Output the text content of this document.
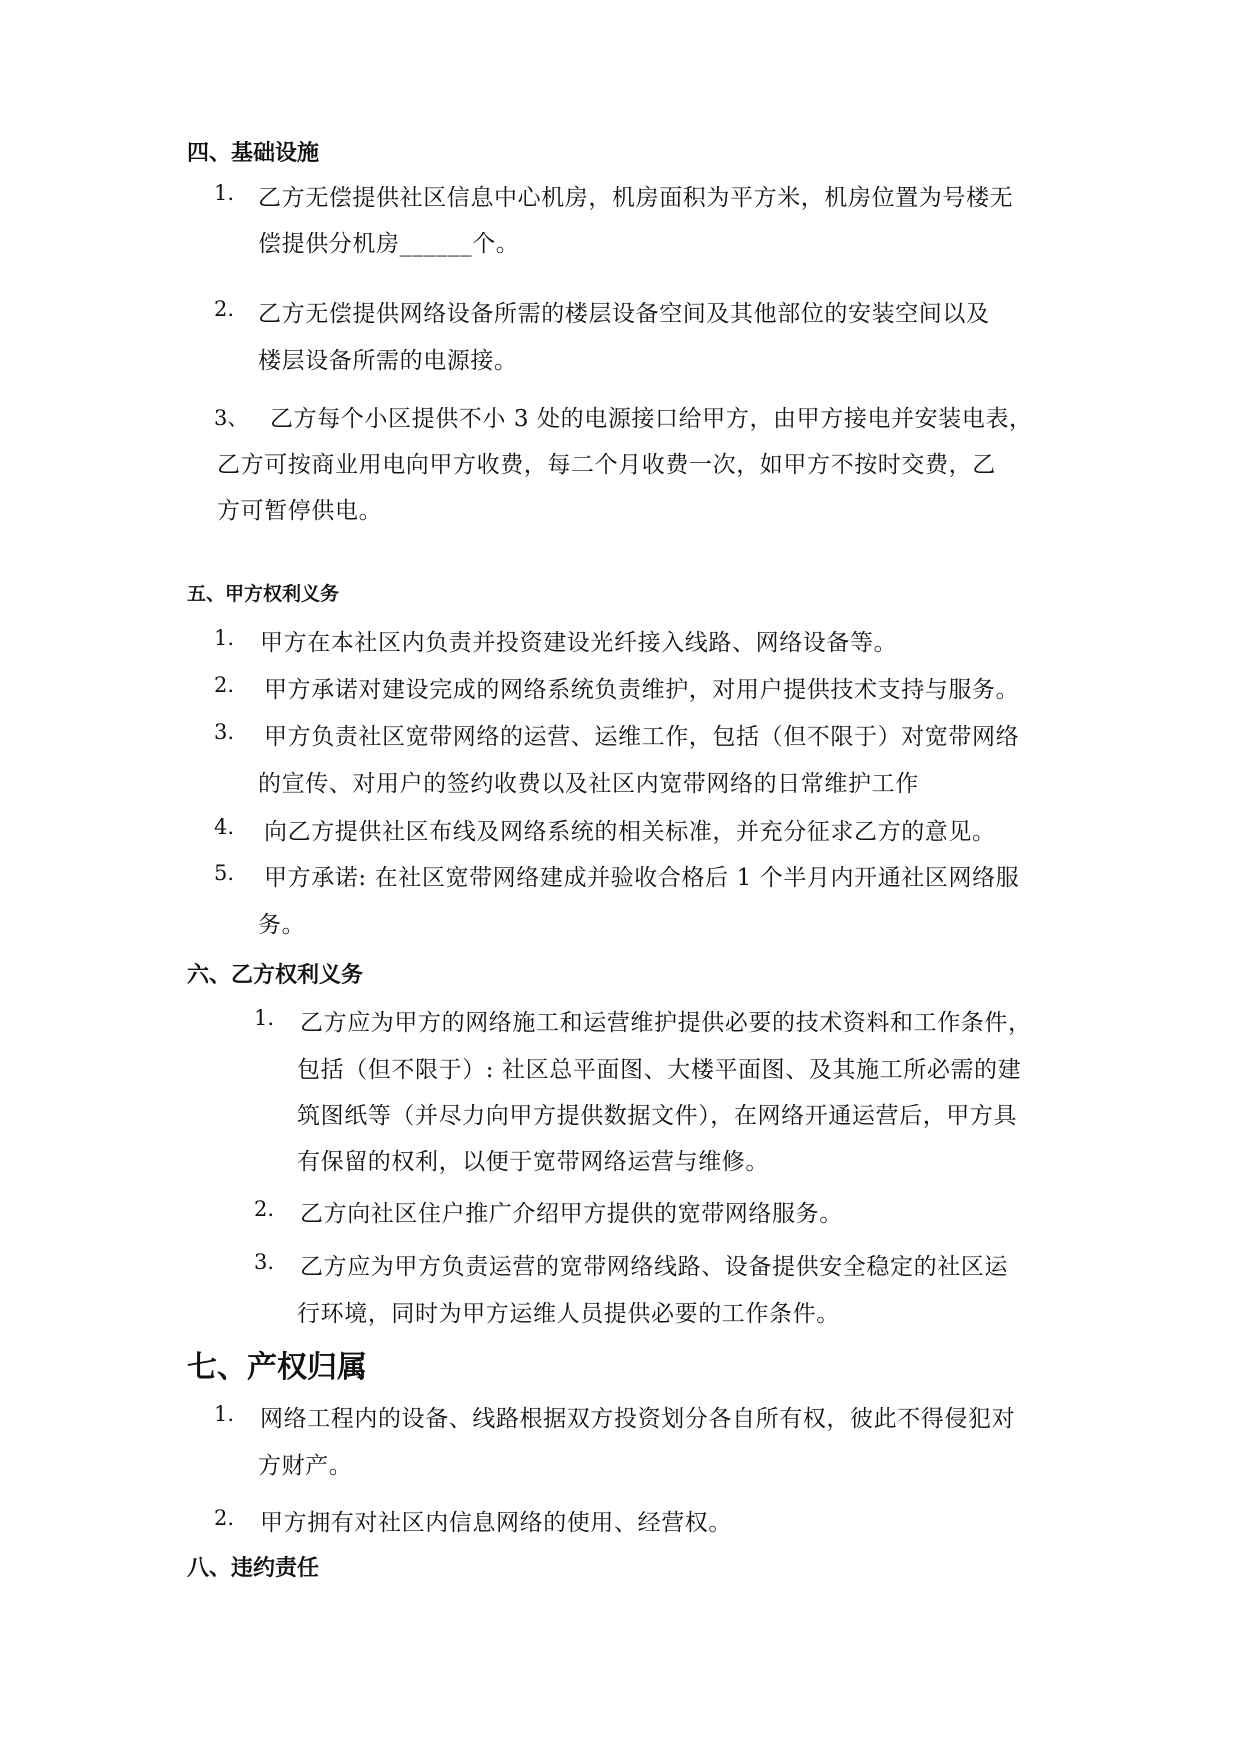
四、基础设施
1. 乙方无偿提供社区信息中心机房，机房面积为平方米，机房位置为号楼无
偿提供分机房______个。
2. 乙方无偿提供网络设备所需的楼层设备空间及其他部位的安装空间以及
楼层设备所需的电源接。
3、 乙方每个小区提供不小 3 处的电源接口给甲方，由甲方接电并安装电表，
乙方可按商业用电向甲方收费，每二个月收费一次，如甲方不按时交费，乙
方可暂停供电。
五、甲方权利义务
1. 甲方在本社区内负责并投资建设光纤接入线路、网络设备等。
2. 甲方承诺对建设完成的网络系统负责维护，对用户提供技术支持与服务。
3. 甲方负责社区宽带网络的运营、运维工作，包括（但不限于）对宽带网络
的宣传、对用户的签约收费以及社区内宽带网络的日常维护工作
4. 向乙方提供社区布线及网络系统的相关标准，并充分征求乙方的意见。
5. 甲方承诺: 在社区宽带网络建成并验收合格后 1 个半月内开通社区网络服
务。
六、乙方权利义务
1. 乙方应为甲方的网络施工和运营维护提供必要的技术资料和工作条件，
包括（但不限于）: 社区总平面图、大楼平面图、及其施工所必需的建
筑图纸等（并尽力向甲方提供数据文件），在网络开通运营后，甲方具
有保留的权利，以便于宽带网络运营与维修。
2. 乙方向社区住户推广介绍甲方提供的宽带网络服务。
3. 乙方应为甲方负责运营的宽带网络线路、设备提供安全稳定的社区运
行环境，同时为甲方运维人员提供必要的工作条件。
七、产权归属
1. 网络工程内的设备、线路根据双方投资划分各自所有权，彼此不得侵犯对
方财产。
2. 甲方拥有对社区内信息网络的使用、经营权。
八、违约责任
